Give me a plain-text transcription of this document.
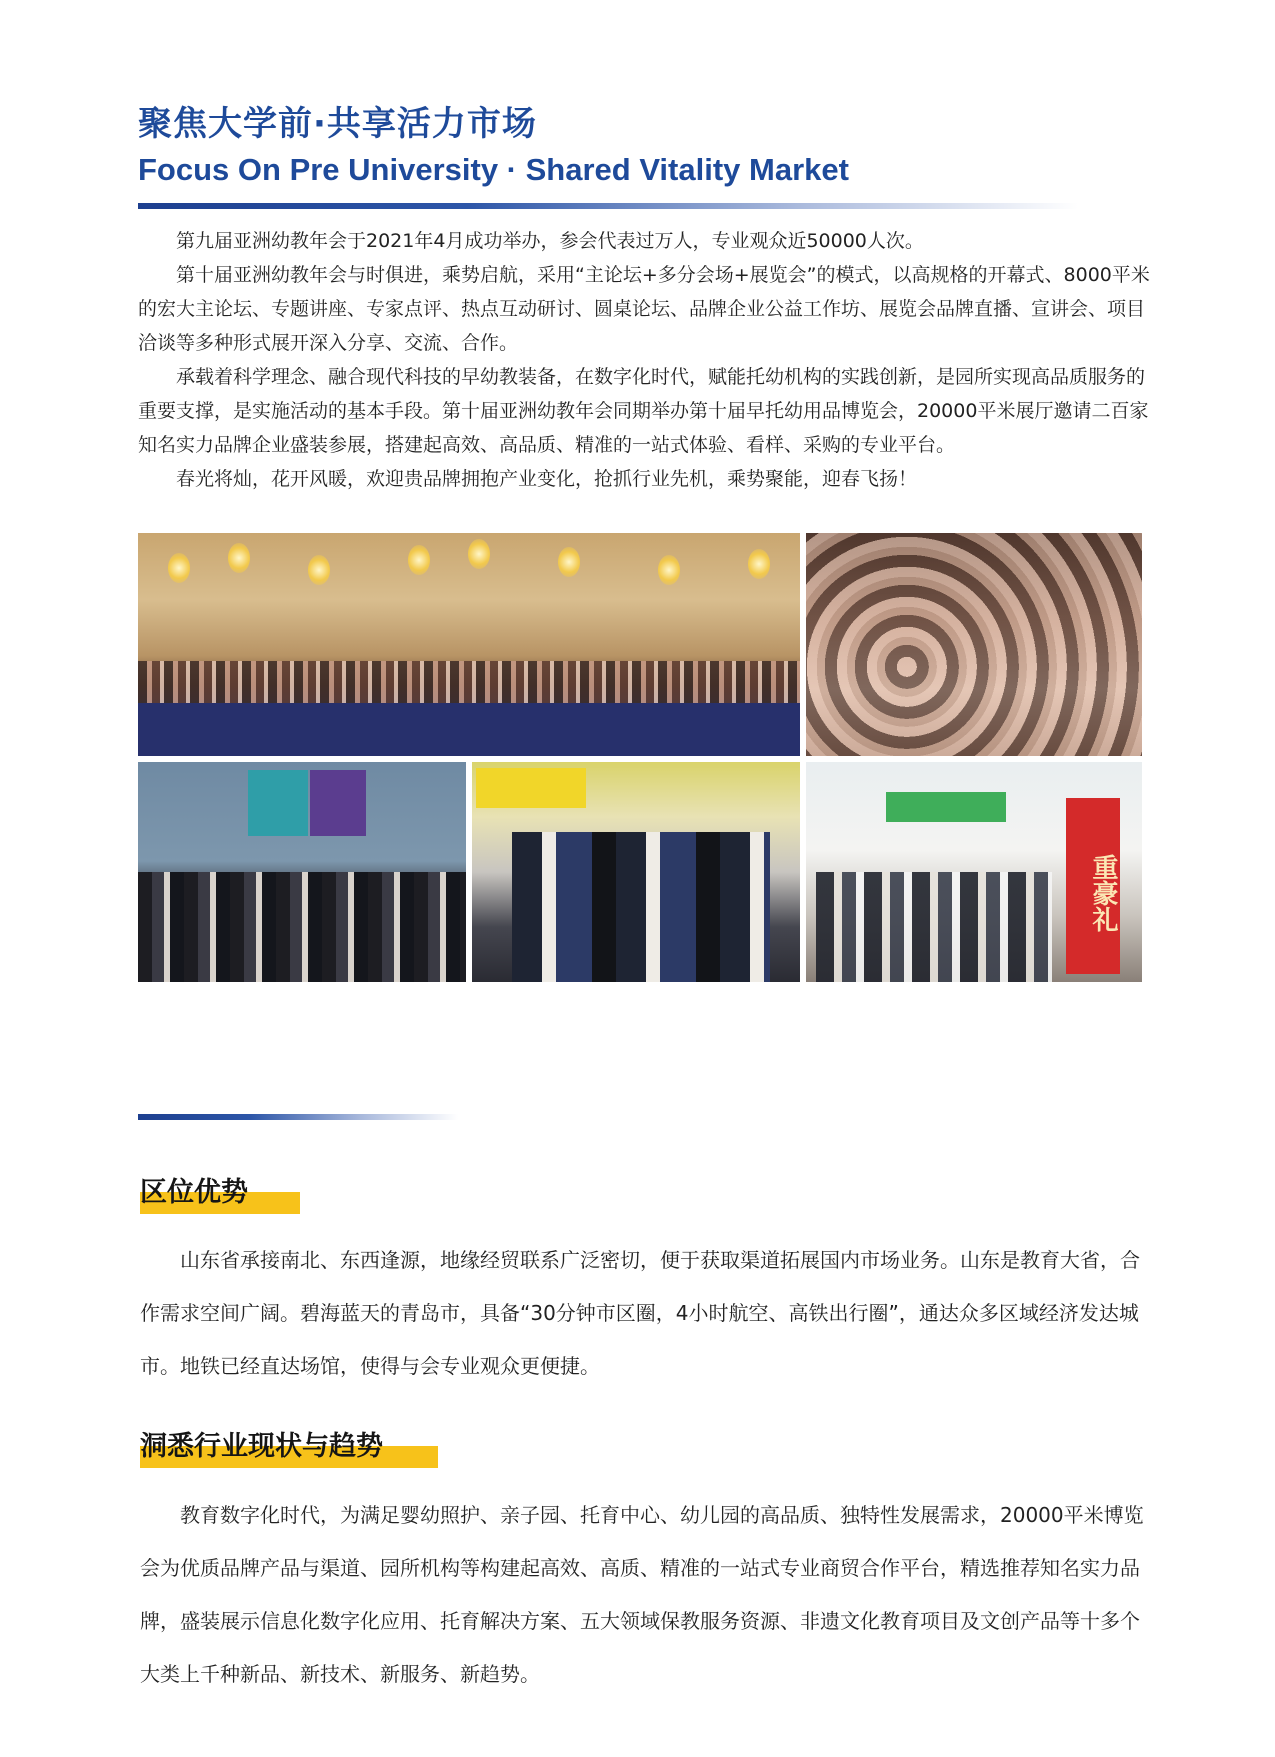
聚焦大学前·共享活力市场
Focus On Pre University · Shared Vitality Market

第九届亚洲幼教年会于2021年4月成功举办，参会代表过万人，专业观众近50000人次。

第十届亚洲幼教年会与时俱进，乘势启航，采用“主论坛+多分会场+展览会”的模式，以高规格的开幕式、8000平米的宏大主论坛、专题讲座、专家点评、热点互动研讨、圆桌论坛、品牌企业公益工作坊、展览会品牌直播、宣讲会、项目洽谈等多种形式展开深入分享、交流、合作。

承载着科学理念、融合现代科技的早幼教装备，在数字化时代，赋能托幼机构的实践创新，是园所实现高品质服务的重要支撑，是实施活动的基本手段。第十届亚洲幼教年会同期举办第十届早托幼用品博览会，20000平米展厅邀请二百家知名实力品牌企业盛装参展，搭建起高效、高品质、精准的一站式体验、看样、采购的专业平台。

春光将灿，花开风暖，欢迎贵品牌拥抱产业变化，抢抓行业先机，乘势聚能，迎春飞扬！

重豪礼
区位优势

山东省承接南北、东西逢源，地缘经贸联系广泛密切，便于获取渠道拓展国内市场业务。山东是教育大省，合作需求空间广阔。碧海蓝天的青岛市，具备“30分钟市区圈，4小时航空、高铁出行圈”，通达众多区域经济发达城市。地铁已经直达场馆，使得与会专业观众更便捷。

洞悉行业现状与趋势

教育数字化时代，为满足婴幼照护、亲子园、托育中心、幼儿园的高品质、独特性发展需求，20000平米博览会为优质品牌产品与渠道、园所机构等构建起高效、高质、精准的一站式专业商贸合作平台，精选推荐知名实力品牌，盛装展示信息化数字化应用、托育解决方案、五大领域保教服务资源、非遗文化教育项目及文创产品等十多个大类上千种新品、新技术、新服务、新趋势。
